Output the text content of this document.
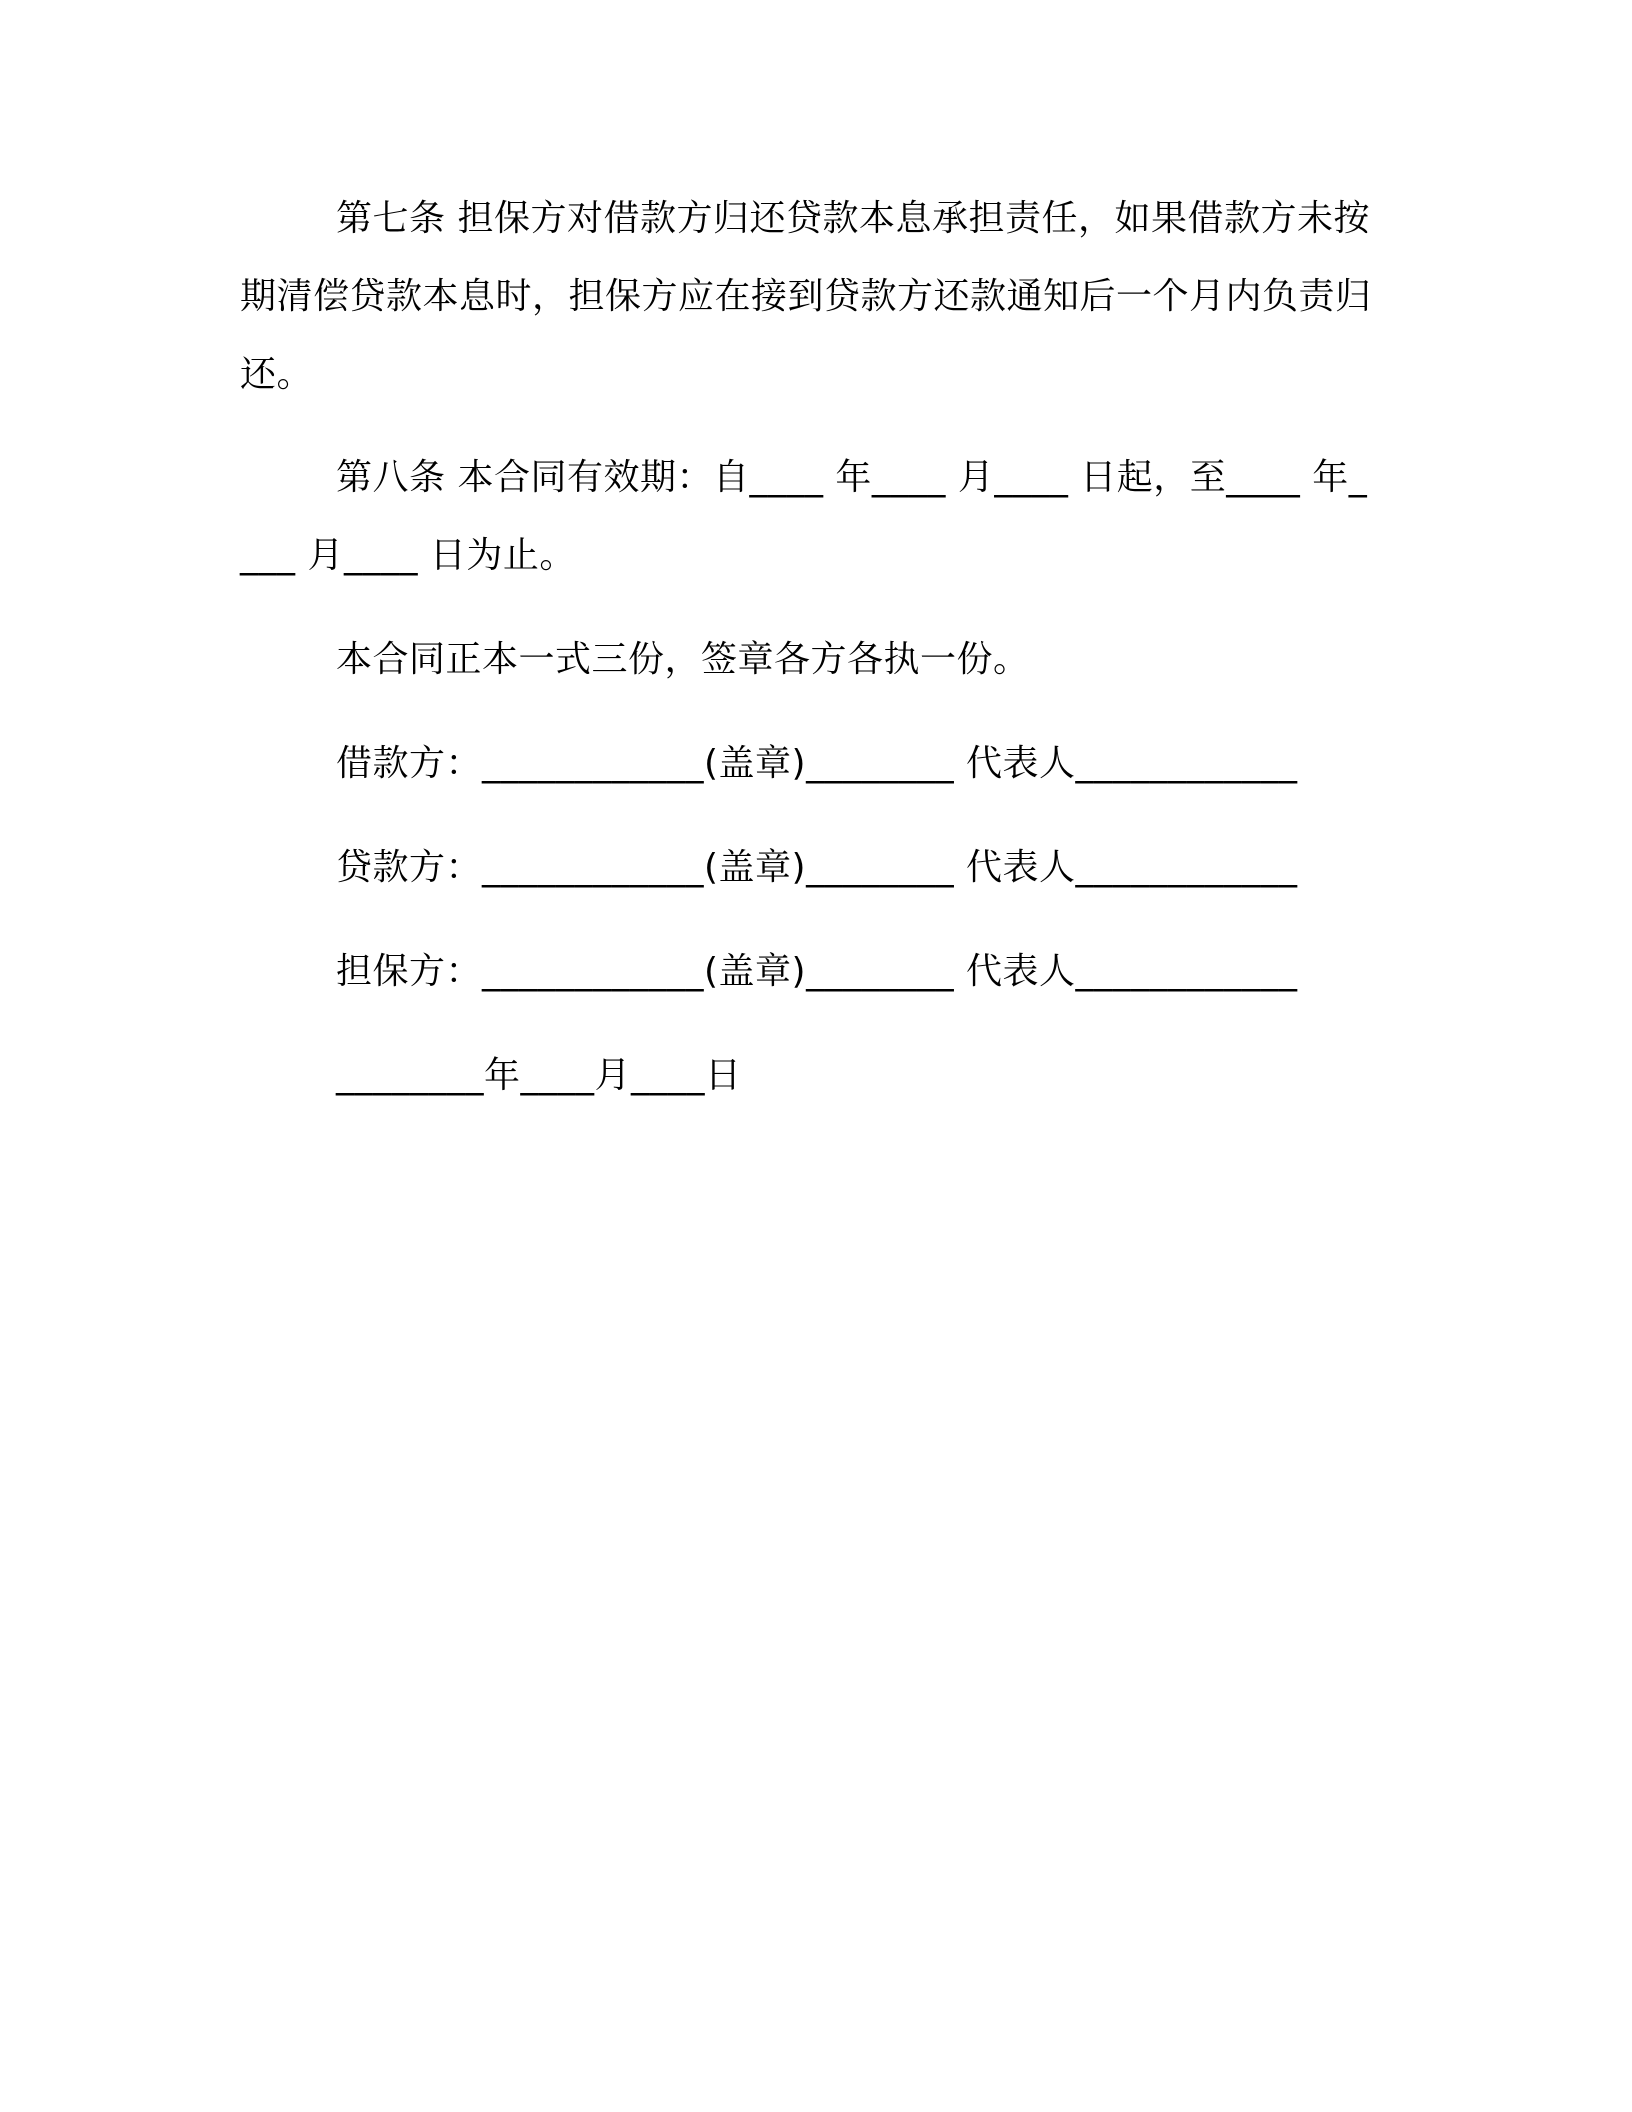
第七条 担保方对借款方归还贷款本息承担责任，如果借款方未按期清偿贷款本息时，担保方应在接到贷款方还款通知后一个月内负责归还。

第八条 本合同有效期：自____ 年____ 月____ 日起，至____ 年____ 月____ 日为止。

本合同正本一式三份，签章各方各执一份。

借款方：____________(盖章)________ 代表人____________

贷款方：____________(盖章)________ 代表人____________

担保方：____________(盖章)________ 代表人____________

________年____月____日
